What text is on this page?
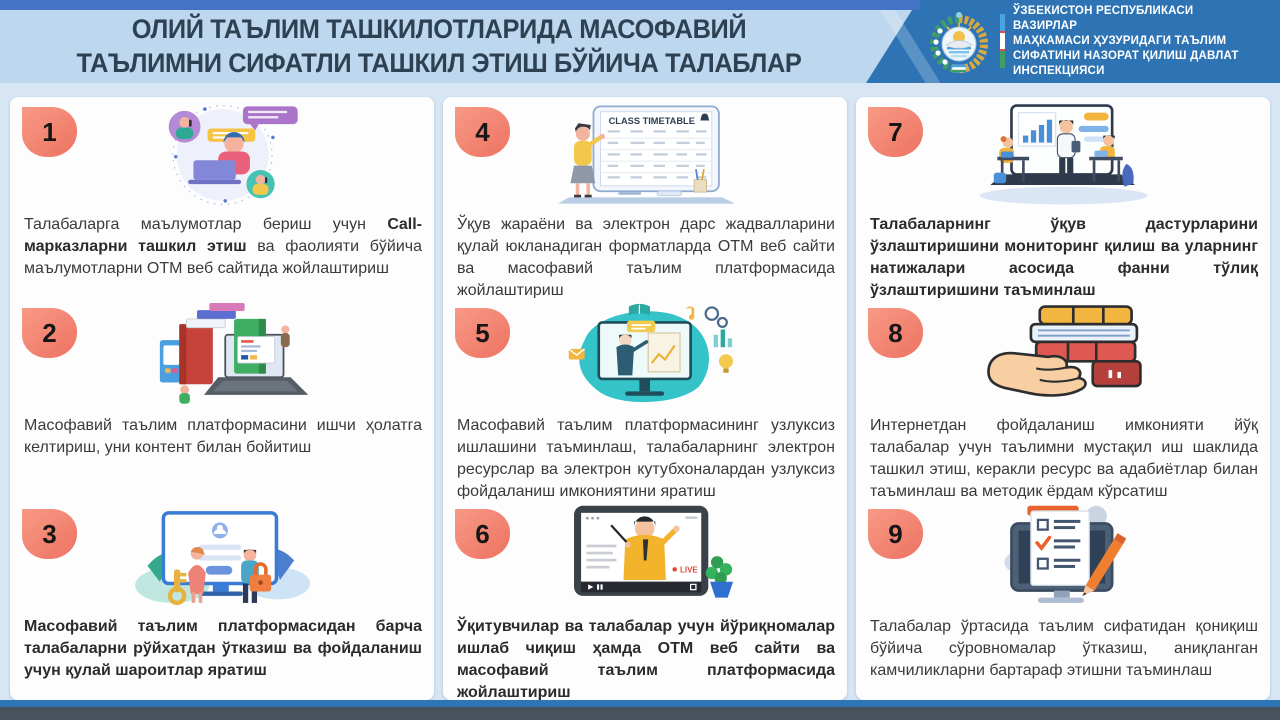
ОЛИЙ ТАЪЛИМ ТАШКИЛОТЛАРИДА МАСОФАВИЙ
ТАЪЛИМНИ СИФАТЛИ ТАШКИЛ ЭТИШ БЎЙИЧА ТАЛАБЛАР
ЎЗБЕКИСТОН РЕСПУБЛИКАСИ ВАЗИРЛАР
МАҲКАМАСИ ҲУЗУРИДАГИ ТАЪЛИМ
СИФАТИНИ НАЗОРАТ ҚИЛИШ ДАВЛАТ
ИНСПЕКЦИЯСИ
1
Талабаларга маълумотлар бериш учун Call-марказларни ташкил этиш ва фаолияти бўйича маълумотларни ОТМ веб сайтида жойлаштириш
2
Масофавий таълим платформасини ишчи ҳолатга келтириш, уни контент билан бойитиш
3
Масофавий таълим платформасидан барча талабаларни рўйхатдан ўтказиш ва фойдаланиш учун қулай шароитлар яратиш
4	CLASS TIMETABLE
Ўқув жараёни ва электрон дарс жадвалларини қулай юкланадиган форматларда ОТМ веб сайти ва масофавий таълим платформасида жойлаштириш
5
Масофавий таълим платформасининг узлуксиз ишлашини таъминлаш, талабаларнинг электрон ресурслар ва электрон кутубхоналардан узлуксиз фойдаланиш имкониятини яратиш
6
LIVE
Ўқитувчилар ва талабалар учун йўриқномалар ишлаб чиқиш ҳамда ОТМ веб сайти ва масофавий таълим платформасида жойлаштириш
7
Талабаларнинг ўқув дастурларини ўзлаштиришини мониторинг қилиш ва уларнинг натижалари асосида фанни тўлиқ ўзлаштиришини таъминлаш
8
Интернетдан фойдаланиш имконияти йўқ талабалар учун таълимни мустақил иш шаклида ташкил этиш, керакли ресурс ва адабиётлар билан таъминлаш ва методик ёрдам кўрсатиш
9
Талабалар ўртасида таълим сифатидан қониқиш бўйича сўровномалар ўтказиш, аниқланган камчиликларни бартараф этишни таъминлаш
